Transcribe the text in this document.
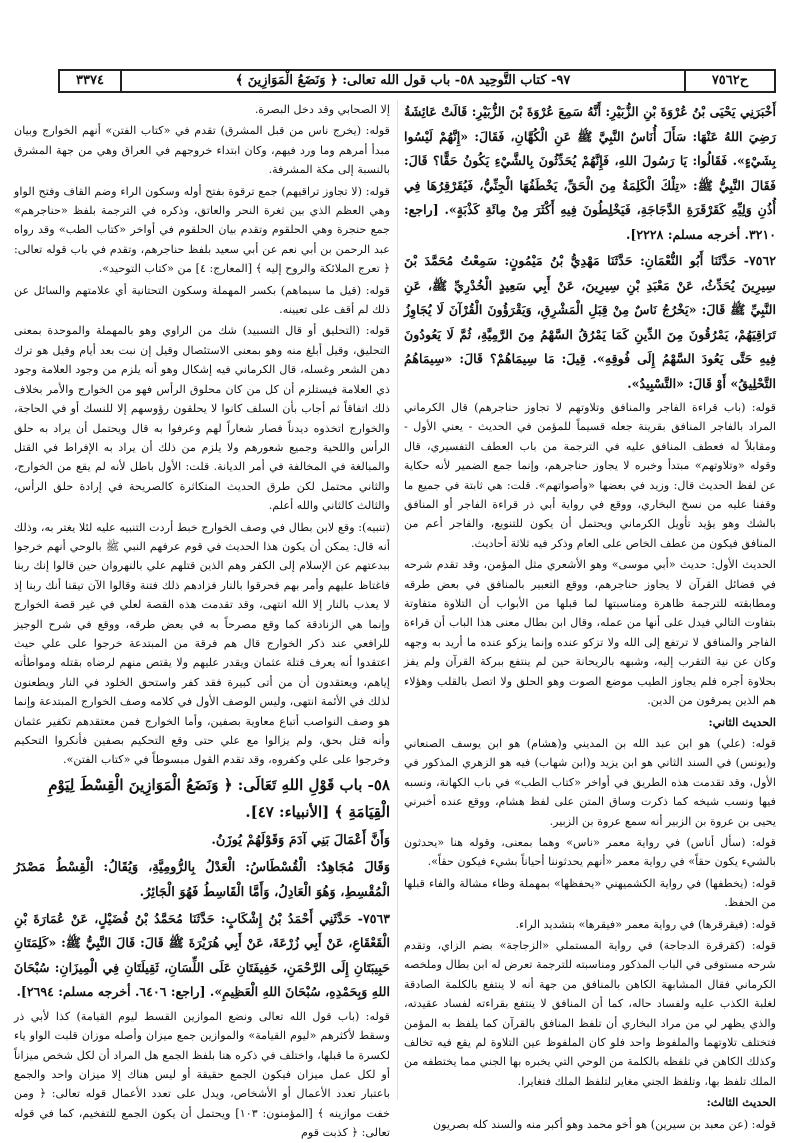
ح٧٥٦٢
٩٧- كتاب التَّوحِيد ٥٨- باب قول الله تعالى: ﴿ وَنَضَعُ الْمَوَازِينَ ﴾
٣٣٧٤

أَخْبَرَنِي يَحْيَى بْنُ عُرْوَةَ بْنِ الزُّبَيْرِ: أَنَّهُ سَمِعَ عُرْوَةَ بْنَ الزُّبَيْرِ: قَالَتْ عَائِشَةُ رَضِيَ اللهُ عَنْهَا: سَأَلَ أُنَاسٌ النَّبِيَّ ﷺ عَنِ الْكُهَّانِ، فَقَالَ: «إِنَّهُمْ لَيْسُوا بِشَيْءٍ». فَقَالُوا: يَا رَسُولَ اللهِ، فَإِنَّهُمْ يُحَدِّثُونَ بِالشَّيْءِ يَكُونُ حَقًّا؟ قَالَ: فَقَالَ النَّبِيُّ ﷺ: «تِلْكَ الْكَلِمَةُ مِنَ الْحَقِّ، يَخْطَفُهَا الْجِنِّيُّ، فَيُقَرْقِرُهَا فِي أُذُنِ وَلِيِّهِ كَقَرْقَرَةِ الدَّجَاجَةِ، فَيَخْلِطُونَ فِيهِ أَكْثَرَ مِنْ مِائَةِ كَذْبَةٍ». [راجع: ٣٢١٠. أخرجه مسلم: ٢٢٢٨].

٧٥٦٢- حَدَّثَنَا أَبُو النُّعْمَانِ: حَدَّثَنَا مَهْدِيُّ بْنُ مَيْمُونٍ: سَمِعْتُ مُحَمَّدَ بْنَ سِيرِينَ يُحَدِّثُ، عَنْ مَعْبَدِ بْنِ سِيرِينَ، عَنْ أَبِي سَعِيدٍ الْخُدْرِيِّ ﷺ، عَنِ النَّبِيِّ ﷺ قَالَ: «يَخْرُجُ نَاسٌ مِنْ قِبَلِ الْمَشْرِقِ، وَيَقْرَؤُونَ الْقُرْآنَ لَا يُجَاوِزُ تَرَاقِيَهُمْ، يَمْرُقُونَ مِنَ الدِّينِ كَمَا يَمْرُقُ السَّهْمُ مِنَ الرَّمِيَّةِ، ثُمَّ لَا يَعُودُونَ فِيهِ حَتَّى يَعُودَ السَّهْمُ إِلَى فُوقِهِ». قِيلَ: مَا سِيمَاهُمْ؟ قَالَ: «سِيمَاهُمُ التَّحْلِيقُ» أَوْ قَالَ: «التَّسْبِيدُ».

قوله: (باب قراءة الفاجر والمنافق وتلاوتهم لا تجاوز حناجرهم) قال الكرماني المراد بالفاجر المنافق بقرينة جعله قسيماً للمؤمن في الحديث - يعني الأول - ومقابلاً له فعطف المنافق عليه في الترجمة من باب العطف التفسيري، قال وقوله «وتلاوتهم» مبتدأ وخبره لا يجاوز حناجرهم، وإنما جمع الضمير لأنه حكاية عن لفظ الحديث قال: وزيد في بعضها «وأصواتهم». قلت: هي ثابتة في جميع ما وقفنا عليه من نسخ البخاري، ووقع في رواية أبي ذر قراءة الفاجر أو المنافق بالشك وهو يؤيد تأويل الكرماني ويحتمل أن يكون للتنويع، والفاجر أعم من المنافق فيكون من عطف الخاص على العام وذكر فيه ثلاثة أحاديث.

الحديث الأول: حديث «أبي موسى» وهو الأشعري مثل المؤمن، وقد تقدم شرحه في فضائل القرآن لا يجاوز حناجرهم، ووقع التعبير بالمنافق في بعض طرقه ومطابقته للترجمة ظاهرة ومناسبتها لما قبلها من الأبواب أن التلاوة متفاوتة بتفاوت التالي فيدل على أنها من عمله، وقال ابن بطال معنى هذا الباب أن قراءة الفاجر والمنافق لا ترتفع إلى الله ولا تزكو عنده وإنما يزكو عنده ما أريد به وجهه وكان عن نية التقرب إليه، وشبهه بالريحانة حين لم ينتفع ببركة القرآن ولم يفز بحلاوة أجره فلم يجاوز الطيب موضع الصوت وهو الحلق ولا اتصل بالقلب وهؤلاء هم الذين يمرقون من الدين.

الحديث الثاني:

قوله: (علي) هو ابن عبد الله بن المديني و(هشام) هو ابن يوسف الصنعاني و(يونس) في السند الثاني هو ابن يزيد و(ابن شهاب) فيه هو الزهري المذكور في الأول، وقد تقدمت هذه الطريق في أواخر «كتاب الطب» في باب الكهانة، ونسبه فيها ونسب شيخه كما ذكرت وساق المتن على لفظ هشام، ووقع عنده أخبرني يحيى بن عروة بن الزبير أنه سمع عروة بن الزبير.

قوله: (سأل أناس) في رواية معمر «ناس» وهما بمعنى، وقوله هنا «يحدثون بالشيء يكون حقاً» في رواية معمر «أنهم يحدثوننا أحياناً بشيء فيكون حقاً».

قوله: (يخطفها) في رواية الكشميهني «يحفظها» بمهملة وظاء مشالة والفاء قبلها من الحفظ.

قوله: (فيقرقرها) في رواية معمر «فيقرها» بتشديد الراء.

قوله: (كقرقرة الدجاجة) في رواية المستملي «الزجاجة» بضم الزاي، وتقدم شرحه مستوفى في الباب المذكور ومناسبته للترجمة تعرض له ابن بطال وملخصه الكرماني فقال المشابهة الكاهن بالمنافق من جهة أنه لا ينتفع بالكلمة الصادقة لغلبة الكذب عليه ولفساد حاله، كما أن المنافق لا ينتفع بقراءته لفساد عقيدته، والذي يظهر لي من مراد البخاري أن تلفظ المنافق بالقرآن كما يلفظ به المؤمن فتختلف تلاوتهما والملفوظ واحد فلو كان الملفوظ عين التلاوة لم يقع فيه تخالف وكذلك الكاهن في تلفظه بالكلمة من الوحي التي يخبره بها الجني مما يختطفه من الملك تلفظ بها، وتلفظ الجني مغاير لتلفظ الملك فتغايرا.

الحديث الثالث:

قوله: (عن معبد بن سيرين) هو أخو محمد وهو أكبر منه والسند كله بصريون

إلا الصحابي وقد دخل البصرة.

قوله: (يخرج ناس من قبل المشرق) تقدم في «كتاب الفتن» أنهم الخوارج وبيان مبدأ أمرهم وما ورد فيهم، وكان ابتداء خروجهم في العراق وهي من جهة المشرق بالنسبة إلى مكة المشرفة.

قوله: (لا تجاوز تراقيهم) جمع ترقوة بفتح أوله وسكون الراء وضم القاف وفتح الواو وهي العظم الذي بين ثغرة النحر والعاتق، وذكره في الترجمة بلفظ «حناجرهم» جمع حنجرة وهي الحلقوم وتقدم بيان الحلقوم في أواخر «كتاب الطب» وقد رواه عبد الرحمن بن أبي نعم عن أبي سعيد بلفظ حناجرهم، وتقدم في باب قوله تعالى: ﴿ تعرج الملائكة والروح إليه ﴾ [المعارج: ٤] من «كتاب التوحيد».

قوله: (قيل ما سيماهم) بكسر المهملة وسكون التحتانية أي علامتهم والسائل عن ذلك لم أقف على تعيينه.

قوله: (التحليق أو قال التسبيد) شك من الراوي وهو بالمهملة والموحدة بمعنى التحليق، وقيل أبلغ منه وهو بمعنى الاستئصال وقيل إن نبت بعد أيام وقيل هو ترك دهن الشعر وغسله، قال الكرماني فيه إشكال وهو أنه يلزم من وجود العلامة وجود ذي العلامة فيستلزم أن كل من كان محلوق الرأس فهو من الخوارج والأمر بخلاف ذلك اتفاقاً ثم أجاب بأن السلف كانوا لا يحلقون رؤوسهم إلا للنسك أو في الحاجة، والخوارج اتخذوه ديدناً فصار شعاراً لهم وعرفوا به قال ويحتمل أن يراد به حلق الرأس واللحية وجميع شعورهم ولا يلزم من ذلك أن يراد به الإفراط في القتل والمبالغة في المخالفة في أمر الديانة. قلت: الأول باطل لأنه لم يقع من الخوارج، والثاني محتمل لكن طرق الحديث المتكاثرة كالصريحة في إرادة حلق الرأس، والثالث كالثاني والله أعلم.

(تنبيه): وقع لابن بطال في وصف الخوارج خبط أردت التنبيه عليه لئلا يغتر به، وذلك أنه قال: يمكن أن يكون هذا الحديث في قوم عرفهم النبي ﷺ بالوحي أنهم خرجوا ببدعتهم عن الإسلام إلى الكفر وهم الذين قتلهم علي بالنهروان حين قالوا إنك ربنا فاغتاظ عليهم وأمر بهم فحرقوا بالنار فزادهم ذلك فتنة وقالوا الآن تيقنا أنك ربنا إذ لا يعذب بالنار إلا الله انتهى، وقد تقدمت هذه القصة لعلي في غير قصة الخوارج وإنما هي الزنادقة كما وقع مصرحاً به في بعض طرقه، ووقع في شرح الوجيز للرافعي عند ذكر الخوارج قال هم فرقة من المبتدعة خرجوا على علي حيث اعتقدوا أنه يعرف قتلة عثمان ويقدر عليهم ولا يقتص منهم لرضاه بقتله ومواطأته إياهم، ويعتقدون أن من أتى كبيرة فقد كفر واستحق الخلود في النار ويطعنون لذلك في الأئمة انتهى، وليس الوصف الأول في كلامه وصف الخوارج المبتدعة وإنما هو وصف النواصب أتباع معاوية بصفين، وأما الخوارج فمن معتقدهم تكفير عثمان وأنه قتل بحق، ولم يزالوا مع علي حتى وقع التحكيم بصفين فأنكروا التحكيم وخرجوا على علي وكفروه، وقد تقدم القول مبسوطاً في «كتاب الفتن».

٥٨- باب قَوْلِ اللهِ تَعَالَى: ﴿ وَنَضَعُ الْمَوَازِينَ الْقِسْطَ لِيَوْمِ الْقِيَامَةِ ﴾ [الأنبياء: ٤٧].

وَأَنَّ أَعْمَالَ بَنِي آدَمَ وَقَوْلَهُمْ يُوزَنُ.

وَقَالَ مُجَاهِدٌ: الْقُسْطَاسُ: الْعَدْلُ بِالرُّومِيَّةِ، وَيُقَالُ: الْقِسْطُ مَصْدَرُ الْمُقْسِطِ، وَهُوَ الْعَادِلُ، وَأَمَّا الْقَاسِطُ فَهُوَ الْجَائِرُ.

٧٥٦٣- حَدَّثَنِي أَحْمَدُ بْنُ إِشْكَابٍ: حَدَّثَنَا مُحَمَّدُ بْنُ فُضَيْلٍ، عَنْ عُمَارَةَ بْنِ الْقَعْقَاعِ، عَنْ أَبِي زُرْعَةَ، عَنْ أَبِي هُرَيْرَةَ ﷺ قَالَ: قَالَ النَّبِيُّ ﷺ: «كَلِمَتَانِ حَبِيبَتَانِ إِلَى الرَّحْمَنِ، خَفِيفَتَانِ عَلَى اللِّسَانِ، ثَقِيلَتَانِ فِي الْمِيزَانِ: سُبْحَانَ اللهِ وَبِحَمْدِهِ، سُبْحَانَ اللهِ الْعَظِيمِ». [راجع: ٦٤٠٦. أخرجه مسلم: ٢٦٩٤].

قوله: (باب قول الله تعالى ونضع الموازين القسط ليوم القيامة) كذا لأبي ذر وسقط لأكثرهم «ليوم القيامة» والموازين جمع ميزان وأصله موزان قلبت الواو ياء لكسرة ما قبلها، واختلف في ذكره هنا بلفظ الجمع هل المراد أن لكل شخص ميزاناً أو لكل عمل ميزان فيكون الجمع حقيقة أو ليس هناك إلا ميزان واحد والجمع باعتبار تعدد الأعمال أو الأشخاص، ويدل على تعدد الأعمال قوله تعالى: ﴿ ومن خفت موازينه ﴾ [المؤمنون: ١٠٣] ويحتمل أن يكون الجمع للتفخيم، كما في قوله تعالى: ﴿ كذبت قوم
